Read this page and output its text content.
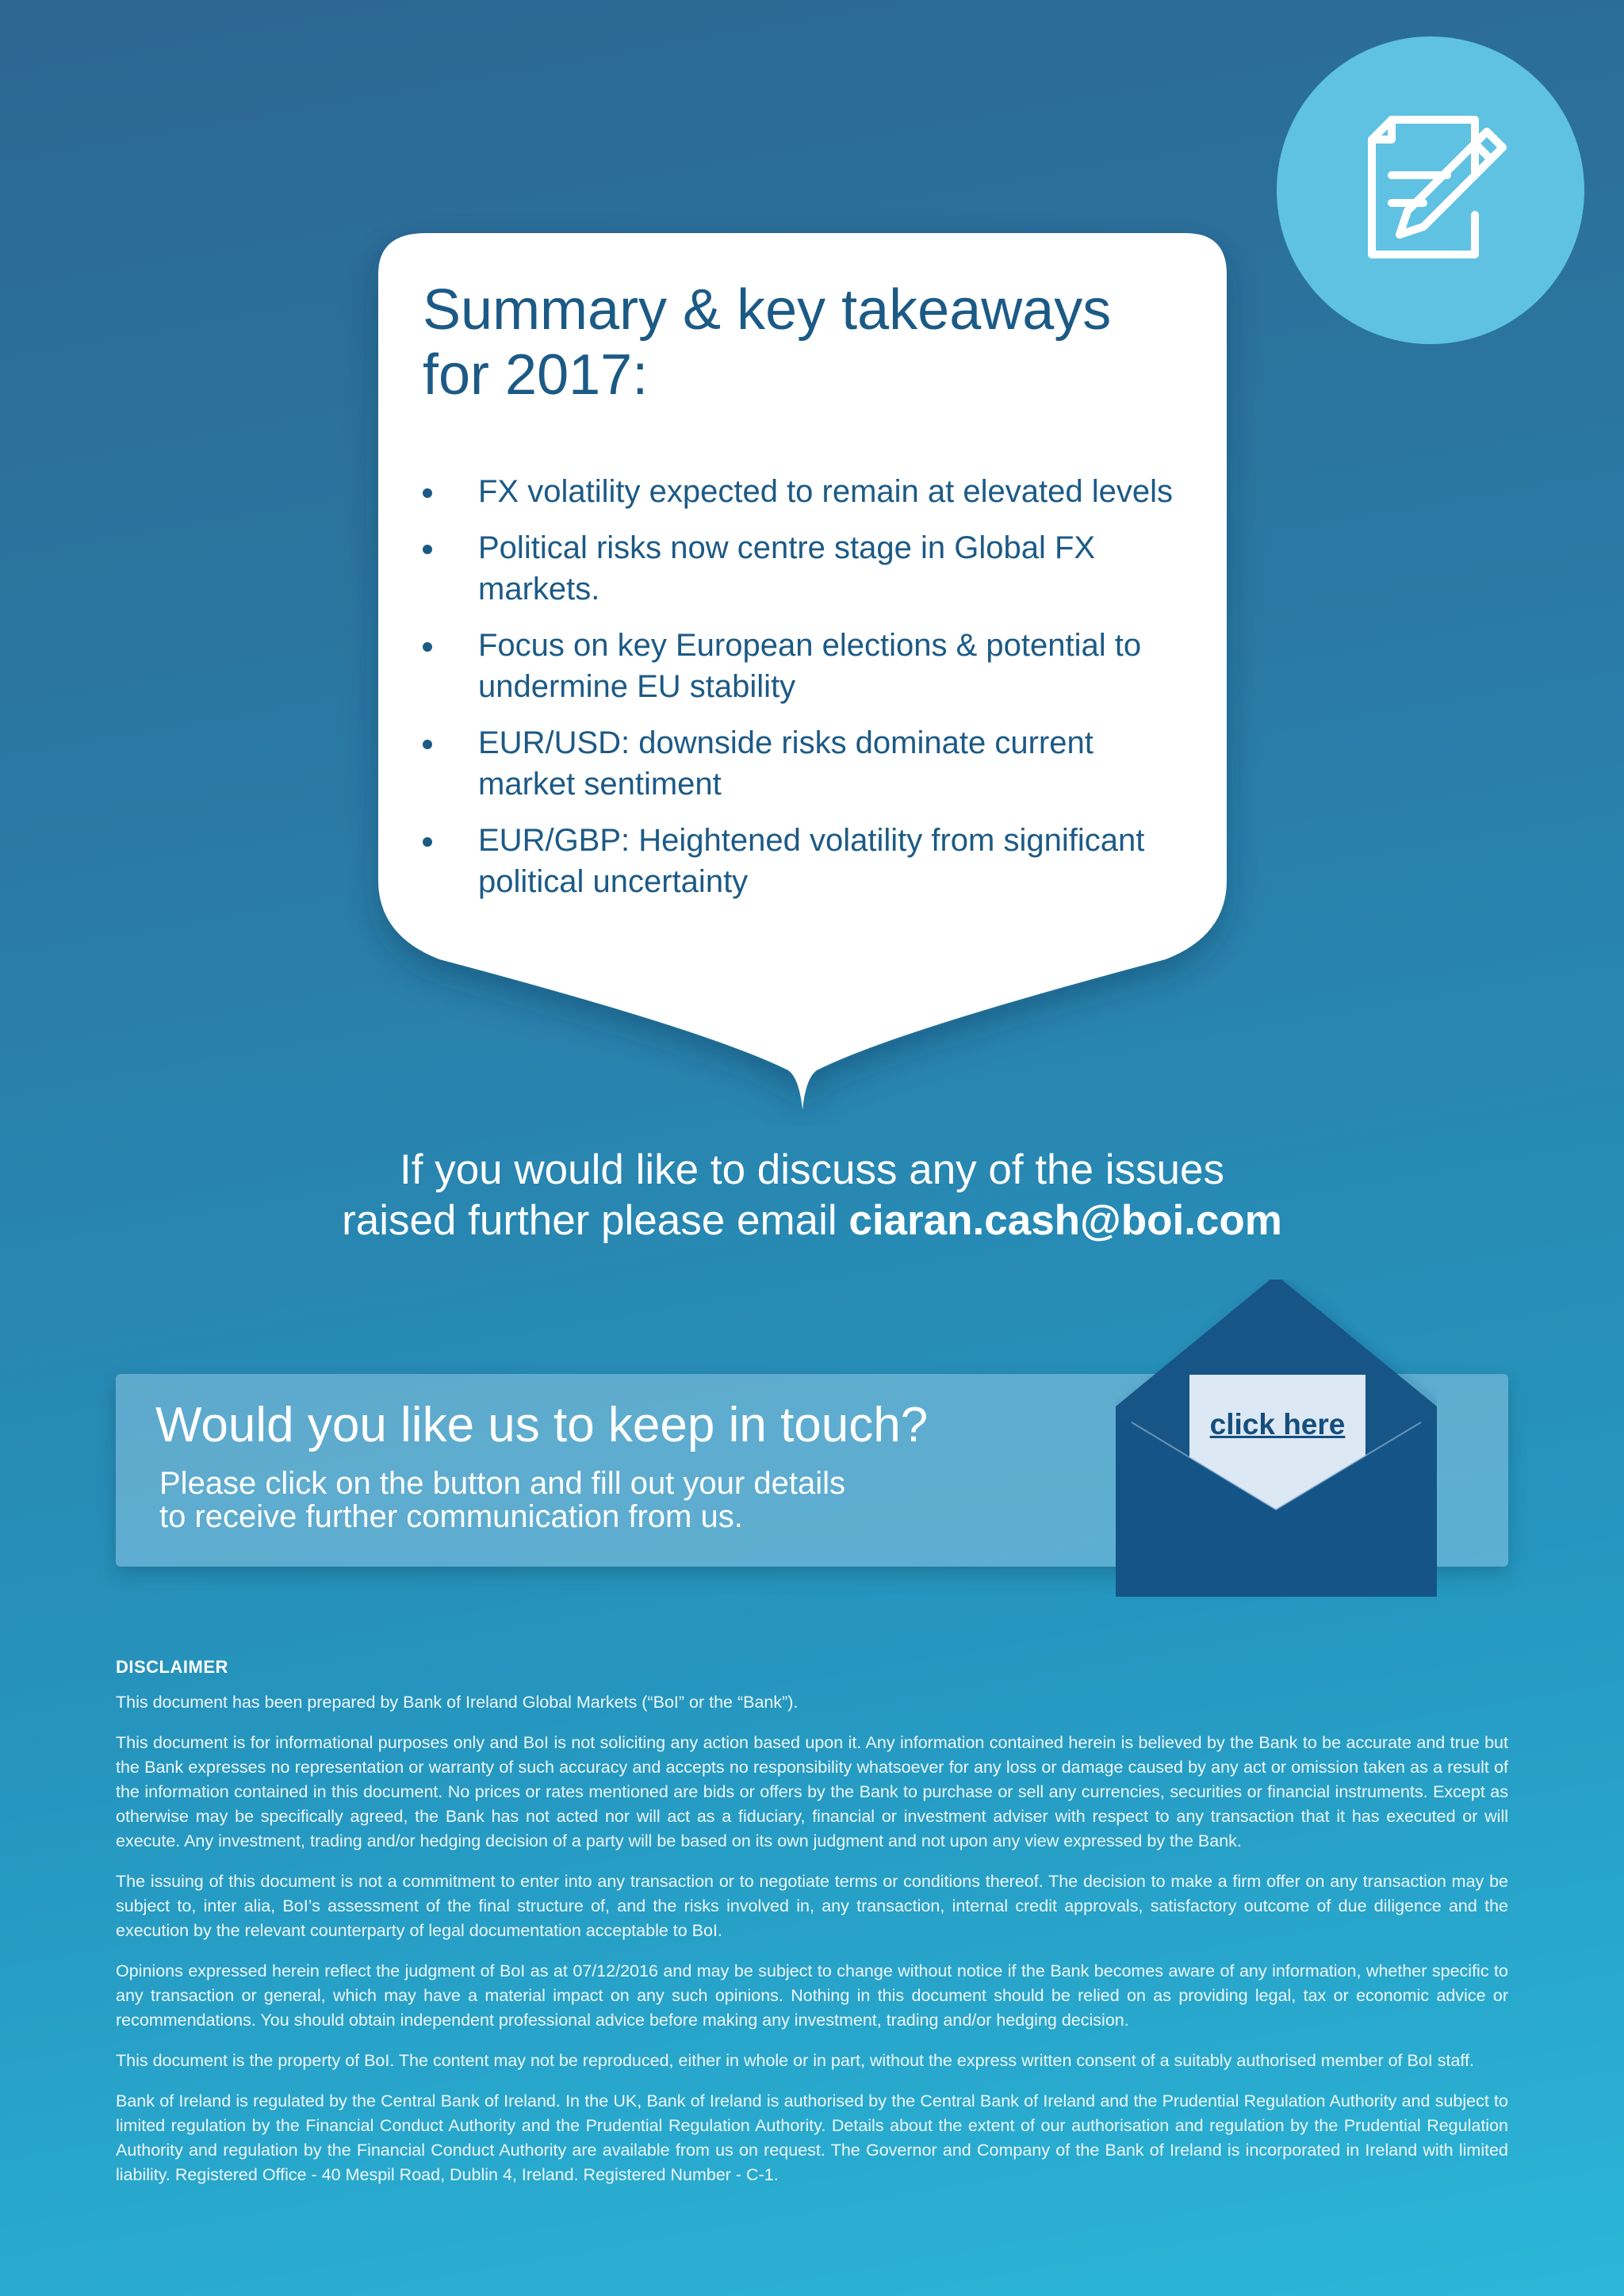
Summary & key takeaways
for 2017:
FX volatility expected to remain at elevated levels
Political risks now centre stage in Global FX markets.
Focus on key European elections & potential to undermine EU stability
EUR/USD: downside risks dominate current market sentiment
EUR/GBP: Heightened volatility from significant political uncertainty
If you would like to discuss any of the issues
raised further please email ciaran.cash@boi.com
Would you like us to keep in touch?
Please click on the button and fill out your details
to receive further communication from us.
click here
DISCLAIMER

This document has been prepared by Bank of Ireland Global Markets (“BoI” or the “Bank”).

This document is for informational purposes only and BoI is not soliciting any action based upon it. Any information contained herein is believed by the Bank to be accurate and true but the Bank expresses no representation or warranty of such accuracy and accepts no responsibility whatsoever for any loss or damage caused by any act or omission taken as a result of the information contained in this document. No prices or rates mentioned are bids or offers by the Bank to purchase or sell any currencies, securities or financial instruments. Except as otherwise may be specifically agreed, the Bank has not acted nor will act as a fiduciary, financial or investment adviser with respect to any transaction that it has executed or will execute. Any investment, trading and/or hedging decision of a party will be based on its own judgment and not upon any view expressed by the Bank.

The issuing of this document is not a commitment to enter into any transaction or to negotiate terms or conditions thereof. The decision to make a firm offer on any transaction may be subject to, inter alia, BoI’s assessment of the final structure of, and the risks involved in, any transaction, internal credit approvals, satisfactory outcome of due diligence and the execution by the relevant counterparty of legal documentation acceptable to BoI.

Opinions expressed herein reflect the judgment of BoI as at 07/12/2016 and may be subject to change without notice if the Bank becomes aware of any information, whether specific to any transaction or general, which may have a material impact on any such opinions. Nothing in this document should be relied on as providing legal, tax or economic advice or recommendations. You should obtain independent professional advice before making any investment, trading and/or hedging decision.

This document is the property of BoI. The content may not be reproduced, either in whole or in part, without the express written consent of a suitably authorised member of BoI staff.

Bank of Ireland is regulated by the Central Bank of Ireland. In the UK, Bank of Ireland is authorised by the Central Bank of Ireland and the Prudential Regulation Authority and subject to limited regulation by the Financial Conduct Authority and the Prudential Regulation Authority. Details about the extent of our authorisation and regulation by the Prudential Regulation Authority and regulation by the Financial Conduct Authority are available from us on request. The Governor and Company of the Bank of Ireland is incorporated in Ireland with limited liability. Registered Office - 40 Mespil Road, Dublin 4, Ireland. Registered Number - C-1.
